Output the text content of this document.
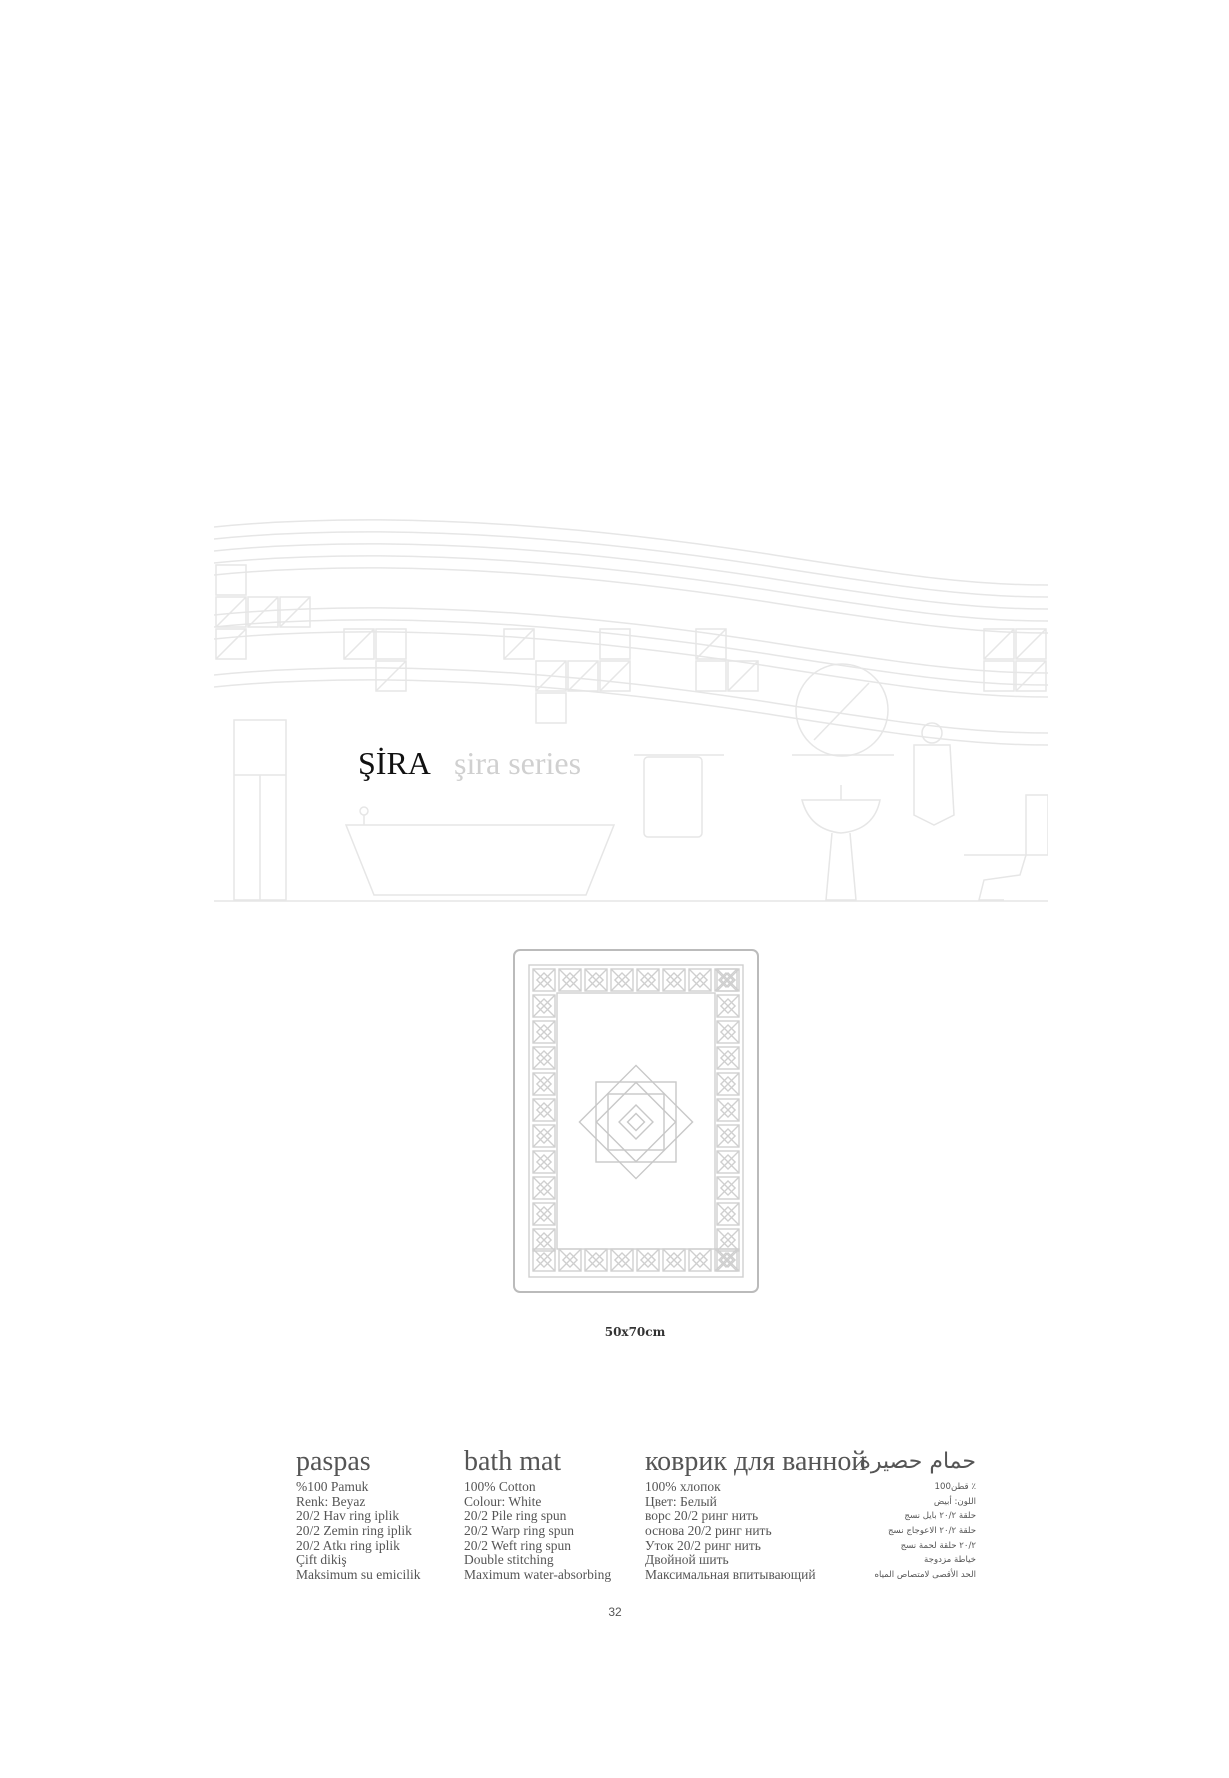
ŞİRA şira series
50x70cm
paspas
%100 Pamuk
Renk: Beyaz
20/2 Hav ring iplik
20/2 Zemin ring iplik
20/2 Atkı ring iplik
Çift dikiş
Maksimum su emicilik
bath mat
100% Cotton
Colour: White
20/2 Pile ring spun
20/2 Warp ring spun
20/2 Weft ring spun
Double stitching
Maximum water-absorbing
коврик для ванной
100% хлопок
Цвет: Белый
ворс 20/2 ринг нить
основа 20/2 ринг нить
Уток 20/2 ринг нить
Двойной шить
Максимальная впитывающий
حمام حصيرة
٪ قطن100
اللون: أبيض
حلقة ٢٠/٢ بايل نسج
حلقة ٢٠/٢ الاعوجاج نسج
٢٠/٢ حلقة لحمة نسج
خياطة مزدوجة
الحد الأقصى لامتصاص المياه
32
